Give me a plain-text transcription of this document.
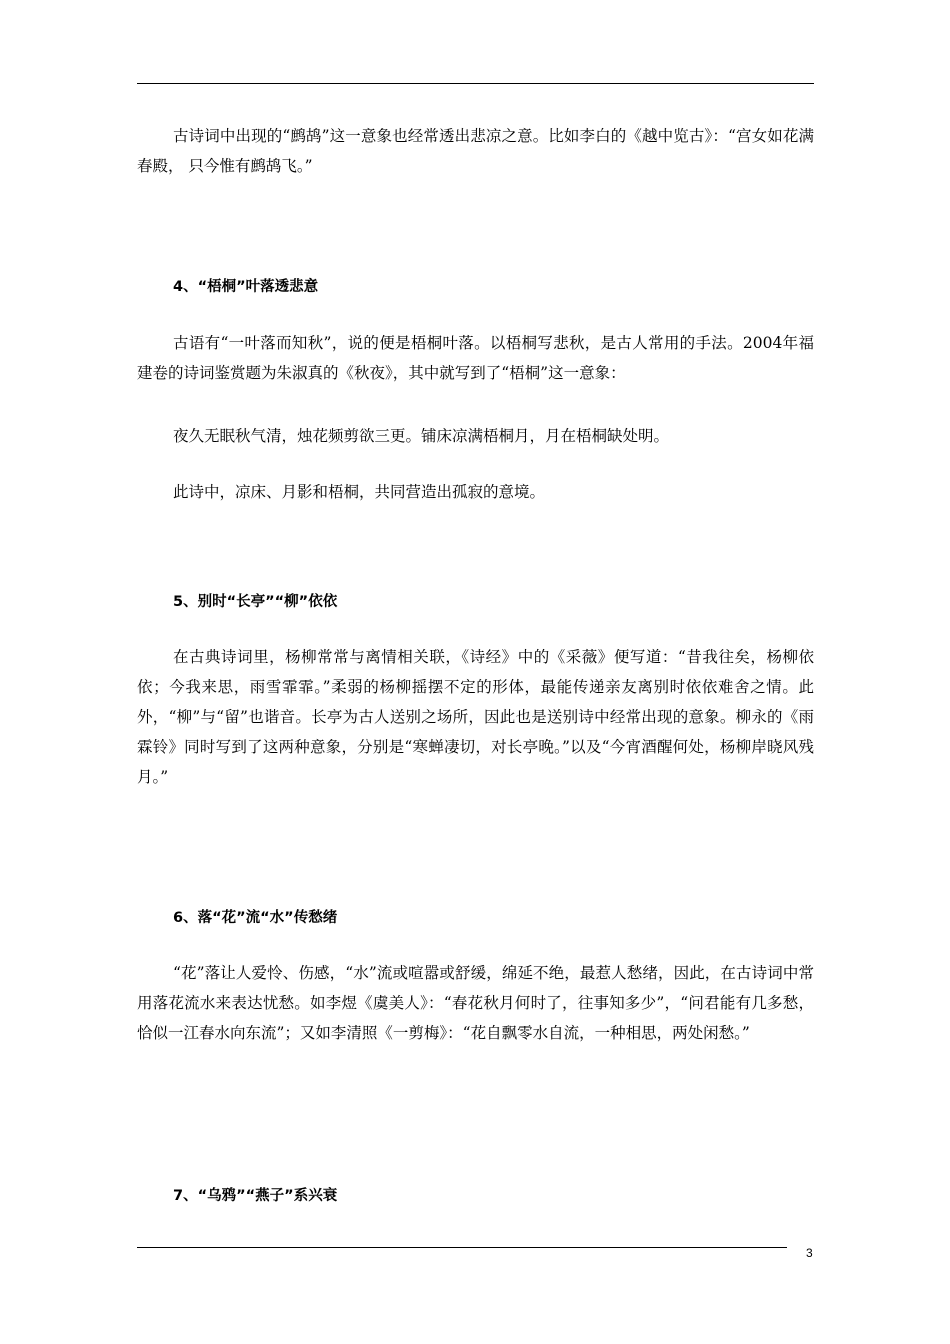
古诗词中出现的“鹧鸪”这一意象也经常透出悲凉之意。比如李白的《越中览古》：“宫女如花满春殿， 只今惟有鹧鸪飞。”

4、“梧桐”叶落透悲意

古语有“一叶落而知秋”，说的便是梧桐叶落。以梧桐写悲秋，是古人常用的手法。2004年福建卷的诗词鉴赏题为朱淑真的《秋夜》，其中就写到了“梧桐”这一意象：

夜久无眠秋气清，烛花频剪欲三更。铺床凉满梧桐月，月在梧桐缺处明。

此诗中，凉床、月影和梧桐，共同营造出孤寂的意境。

5、别时“长亭”“柳”依依

在古典诗词里，杨柳常常与离情相关联，《诗经》中的《采薇》便写道：“昔我往矣，杨柳依依；今我来思，雨雪霏霏。”柔弱的杨柳摇摆不定的形体，最能传递亲友离别时依依难舍之情。此外，“柳”与“留”也谐音。长亭为古人送别之场所，因此也是送别诗中经常出现的意象。柳永的《雨霖铃》同时写到了这两种意象，分别是“寒蝉凄切，对长亭晚。”以及“今宵酒醒何处，杨柳岸晓风残月。”

6、落“花”流“水”传愁绪

“花”落让人爱怜、伤感，“水”流或喧嚣或舒缓，绵延不绝，最惹人愁绪，因此，在古诗词中常用落花流水来表达忧愁。如李煜《虞美人》：“春花秋月何时了，往事知多少”，“问君能有几多愁，恰似一江春水向东流”；又如李清照《一剪梅》：“花自飘零水自流，一种相思，两处闲愁。”

7、“乌鸦”“燕子”系兴衰

3
